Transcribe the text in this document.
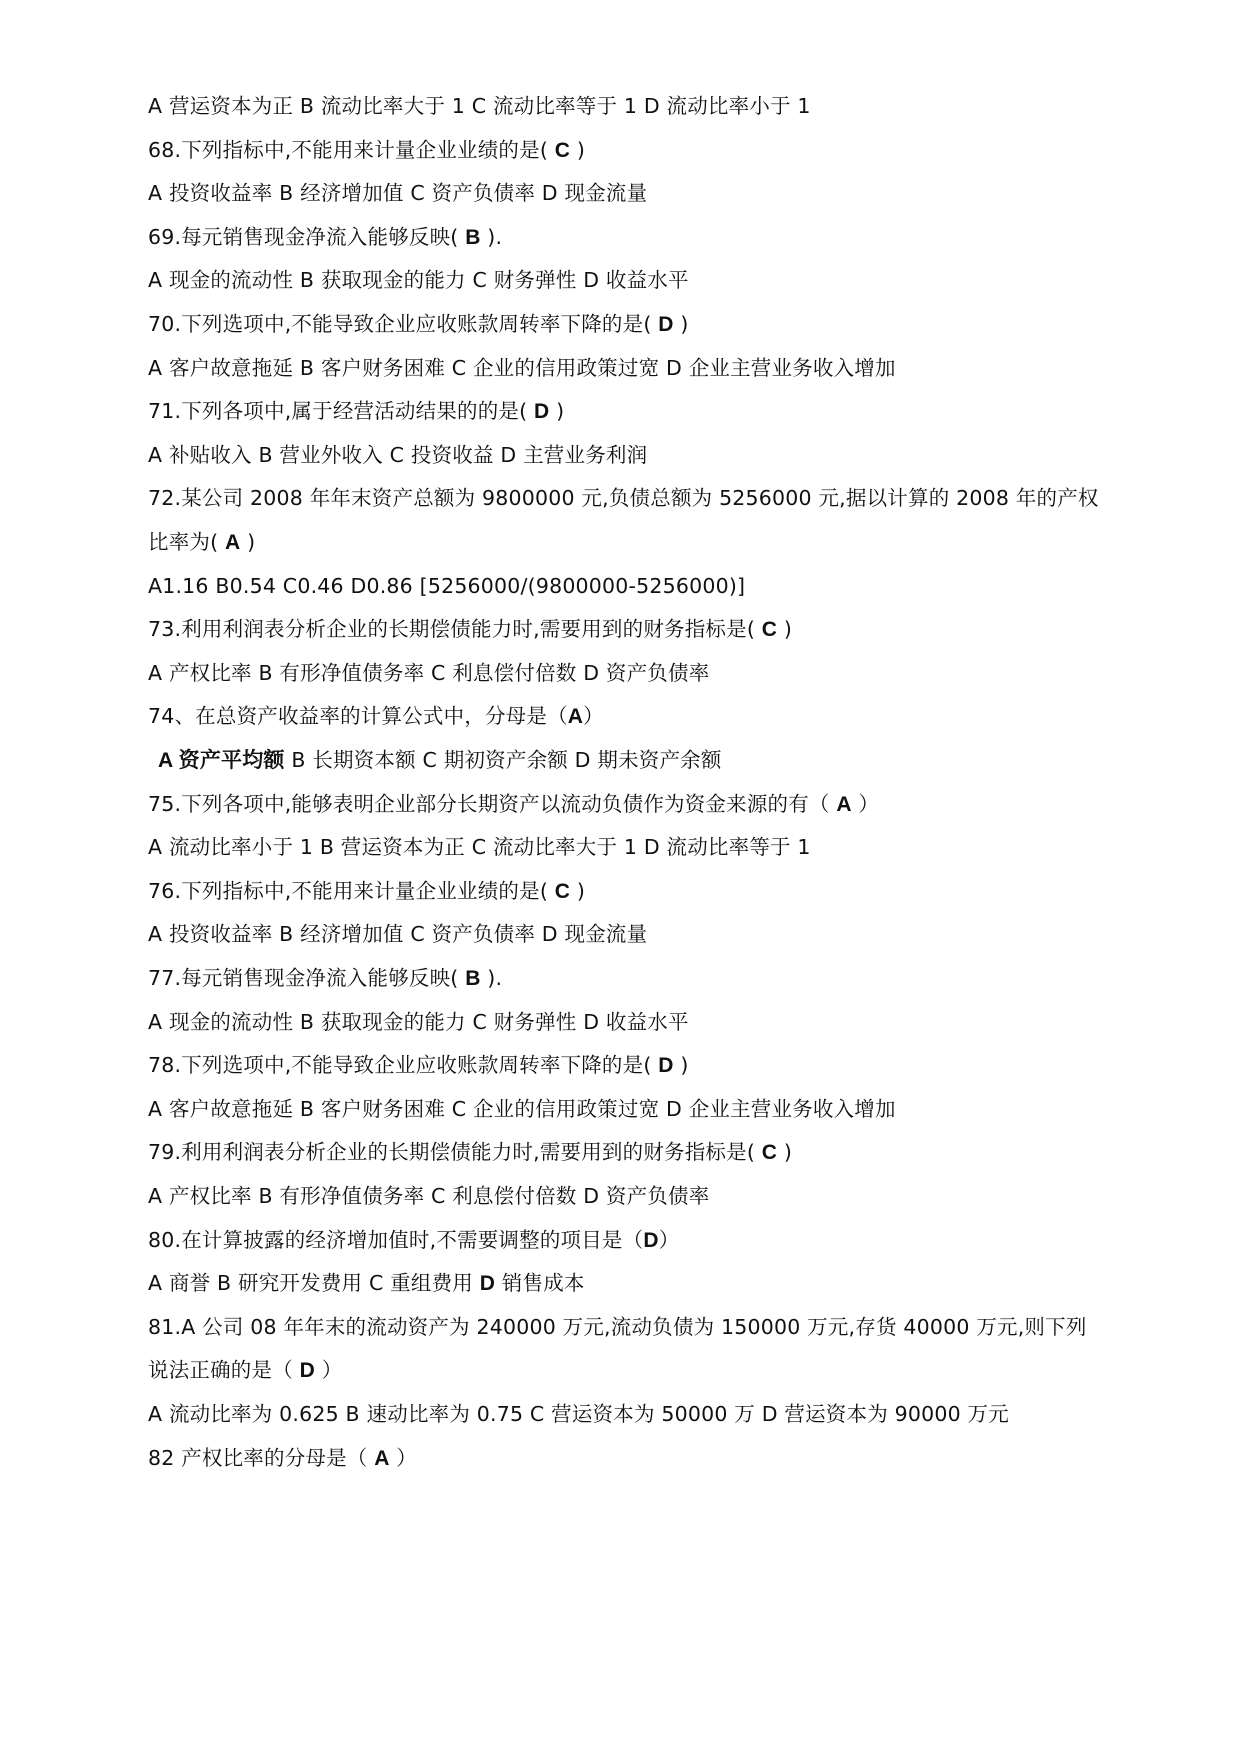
A 营运资本为正 B 流动比率大于 1 C 流动比率等于 1 D 流动比率小于 1
68.下列指标中,不能用来计量企业业绩的是( C )
A 投资收益率 B 经济增加值 C 资产负债率 D 现金流量
69.每元销售现金净流入能够反映( B ).
A 现金的流动性 B 获取现金的能力 C 财务弹性 D 收益水平
70.下列选项中,不能导致企业应收账款周转率下降的是( D )
A 客户故意拖延 B 客户财务困难 C 企业的信用政策过宽 D 企业主营业务收入增加
71.下列各项中,属于经营活动结果的的是( D )
A 补贴收入 B 营业外收入 C 投资收益 D 主营业务利润
72.某公司 2008 年年末资产总额为 9800000 元,负债总额为 5256000 元,据以计算的 2008 年的产权
比率为( A )
A1.16 B0.54 C0.46 D0.86 [5256000/(9800000-5256000)]
73.利用利润表分析企业的长期偿债能力时,需要用到的财务指标是( C )
A 产权比率 B 有形净值债务率 C 利息偿付倍数 D 资产负债率
74、在总资产收益率的计算公式中，分母是（A）
A 资产平均额 B 长期资本额 C 期初资产余额 D 期未资产余额
75.下列各项中,能够表明企业部分长期资产以流动负债作为资金来源的有（ A ）
A 流动比率小于 1 B 营运资本为正 C 流动比率大于 1 D 流动比率等于 1
76.下列指标中,不能用来计量企业业绩的是( C )
A 投资收益率 B 经济增加值 C 资产负债率 D 现金流量
77.每元销售现金净流入能够反映( B ).
A 现金的流动性 B 获取现金的能力 C 财务弹性 D 收益水平
78.下列选项中,不能导致企业应收账款周转率下降的是( D )
A 客户故意拖延 B 客户财务困难 C 企业的信用政策过宽 D 企业主营业务收入增加
79.利用利润表分析企业的长期偿债能力时,需要用到的财务指标是( C )
A 产权比率 B 有形净值债务率 C 利息偿付倍数 D 资产负债率
80.在计算披露的经济增加值时,不需要调整的项目是（D）
A 商誉 B 研究开发费用 C 重组费用 D 销售成本
81.A 公司 08 年年末的流动资产为 240000 万元,流动负债为 150000 万元,存货 40000 万元,则下列
说法正确的是（ D ）
A 流动比率为 0.625 B 速动比率为 0.75 C 营运资本为 50000 万 D 营运资本为 90000 万元
82 产权比率的分母是（ A ）
